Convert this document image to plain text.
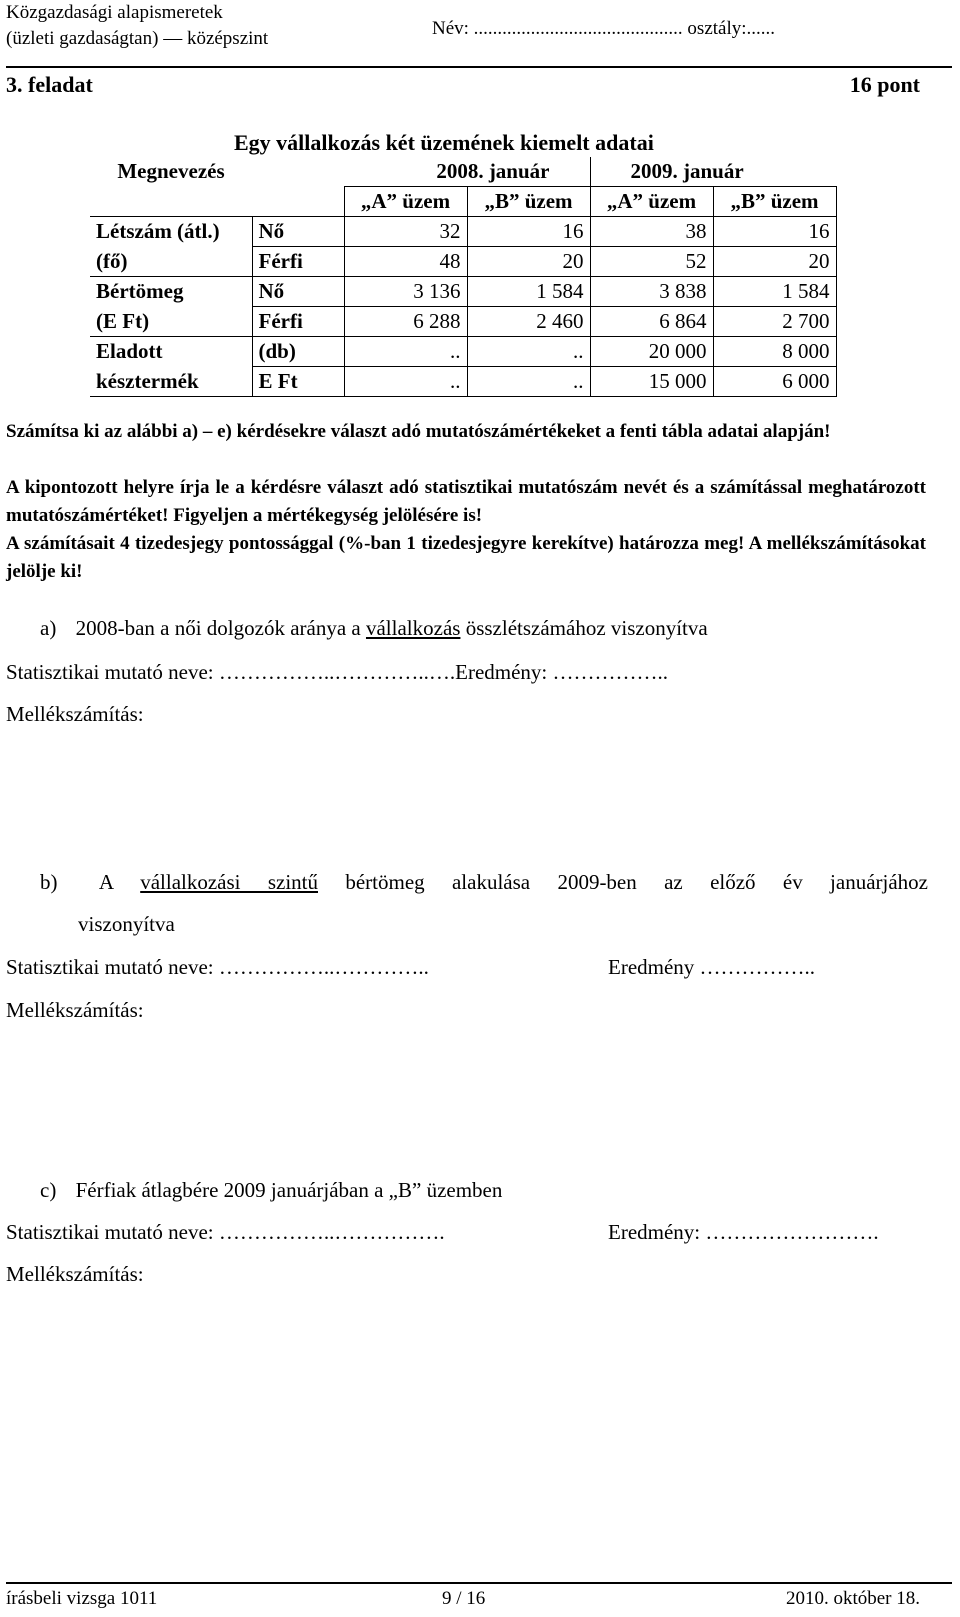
Közgazdasági alapismeretek
(üzleti gazdaságtan) — középszint	Név: ............................................ osztály:......
3. feladat	16 pont
Egy vállalkozás két üzemének kiemelt adatai
Megnevezés		2008. január		2009. január	
		„A” üzem	„B” üzem	„A” üzem	„B” üzem
Létszám (átl.)	Nő	32	16	38	16
(fő)	Férfi	48	20	52	20
Bértömeg	Nő	3 136	1 584	3 838	1 584
(E Ft)	Férfi	6 288	2 460	6 864	2 700
Eladott	(db)	..	..	20 000	8 000
késztermék	E Ft	..	..	15 000	6 000
Számítsa ki az alábbi a) – e) kérdésekre választ adó mutatószámértékeket a fenti tábla adatai alapján!
A kipontozott helyre írja le a kérdésre választ adó statisztikai mutatószám nevét és a számítással meghatározott mutatószámértéket! Figyeljen a mértékegység jelölésére is!
A számításait 4 tizedesjegy pontossággal (%-ban 1 tizedesjegyre kerekítve) határozza meg! A mellékszámításokat jelölje ki!
a) 2008-ban a női dolgozók aránya a vállalkozás összlétszámához viszonyítva
Statisztikai mutató neve: ……………..…………..….Eredmény: ……………..
Mellékszámítás:
b) A vállalkozási szintű bértömeg alakulása 2009-ben az előző év januárjához
viszonyítva
Statisztikai mutató neve: ……………..…………..	Eredmény ……………..
Mellékszámítás:
c) Férfiak átlagbére 2009 januárjában a „B” üzemben
Statisztikai mutató neve: ……………..…………….	Eredmény: …………………….
Mellékszámítás:
írásbeli vizsga 1011	9 / 16	2010. október 18.
